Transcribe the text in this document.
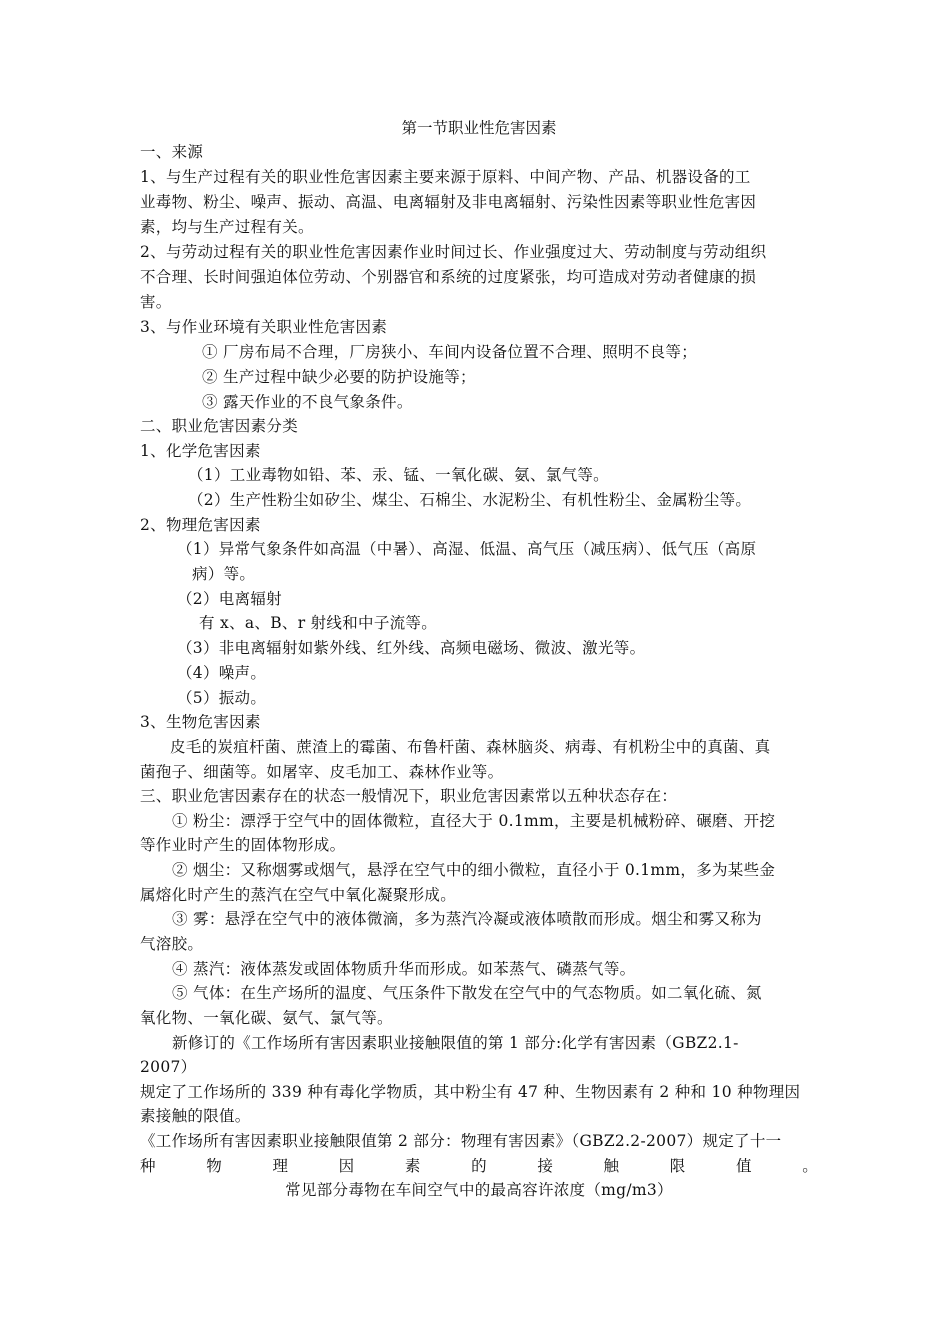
第一节职业性危害因素
一、来源
1、与生产过程有关的职业性危害因素主要来源于原料、中间产物、产品、机器设备的工
业毒物、粉尘、噪声、振动、高温、电离辐射及非电离辐射、污染性因素等职业性危害因
素，均与生产过程有关。
2、与劳动过程有关的职业性危害因素作业时间过长、作业强度过大、劳动制度与劳动组织
不合理、长时间强迫体位劳动、个别器官和系统的过度紧张，均可造成对劳动者健康的损
害。
3、与作业环境有关职业性危害因素
① 厂房布局不合理，厂房狭小、车间内设备位置不合理、照明不良等；
② 生产过程中缺少必要的防护设施等；
③ 露天作业的不良气象条件。
二、职业危害因素分类
1、化学危害因素
（1）工业毒物如铅、苯、汞、锰、一氧化碳、氨、氯气等。
（2）生产性粉尘如矽尘、煤尘、石棉尘、水泥粉尘、有机性粉尘、金属粉尘等。
2、物理危害因素
（1）异常气象条件如高温（中暑）、高湿、低温、高气压（减压病）、低气压（高原
病）等。
（2）电离辐射
有 x、a、B、r 射线和中子流等。
（3）非电离辐射如紫外线、红外线、高频电磁场、微波、激光等。
（4）噪声。
（5）振动。
3、生物危害因素
皮毛的炭疽杆菌、蔗渣上的霉菌、布鲁杆菌、森林脑炎、病毒、有机粉尘中的真菌、真
菌孢子、细菌等。如屠宰、皮毛加工、森林作业等。
三、职业危害因素存在的状态一般情况下，职业危害因素常以五种状态存在：
① 粉尘：漂浮于空气中的固体微粒，直径大于 0.1mm，主要是机械粉碎、碾磨、开挖
等作业时产生的固体物形成。
② 烟尘：又称烟雾或烟气，悬浮在空气中的细小微粒，直径小于 0.1mm，多为某些金
属熔化时产生的蒸汽在空气中氧化凝聚形成。
③ 雾：悬浮在空气中的液体微滴，多为蒸汽冷凝或液体喷散而形成。烟尘和雾又称为
气溶胶。
④ 蒸汽：液体蒸发或固体物质升华而形成。如苯蒸气、磷蒸气等。
⑤ 气体：在生产场所的温度、气压条件下散发在空气中的气态物质。如二氧化硫、氮
氧化物、一氧化碳、氨气、氯气等。
新修订的《工作场所有害因素职业接触限值的第 1 部分:化学有害因素（GBZ2.1-
2007）
规定了工作场所的 339 种有毒化学物质，其中粉尘有 47 种、生物因素有 2 种和 10 种物理因
素接触的限值。
《工作场所有害因素职业接触限值第 2 部分：物理有害因素》（GBZ2.2-2007）规定了十一
种　　物　　理　　因　　素　　的　　接　　触　　限　　值　　。
常见部分毒物在车间空气中的最高容许浓度（mg/m3）
